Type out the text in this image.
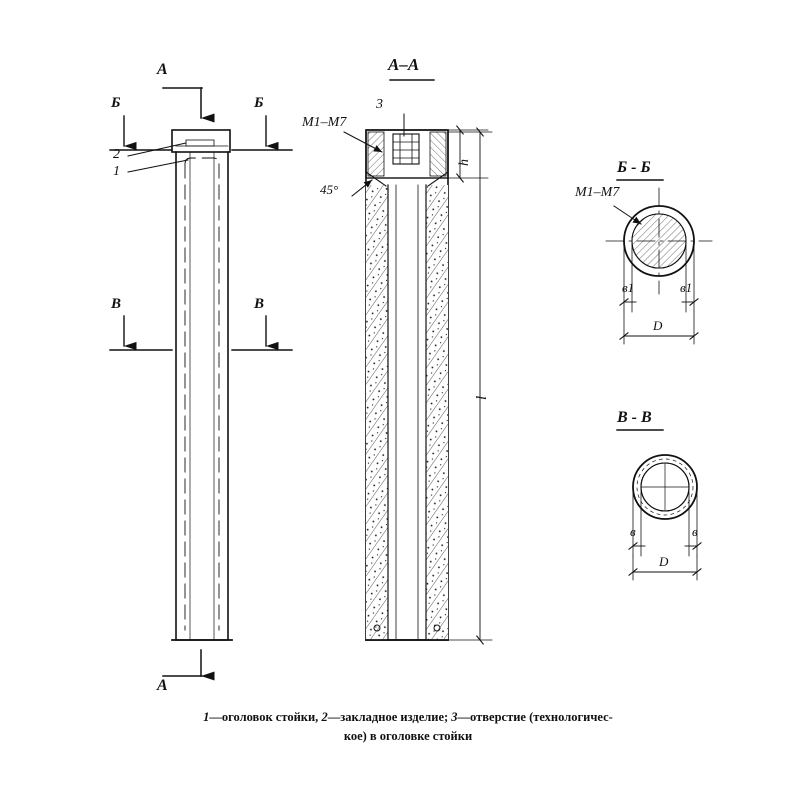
A
A
Б	Б
В	В
2
1
А–А
3
М1–М7
45°
h
l
Б - Б
М1–М7
в1	в1
D
В - В
в	в
D
1—оголовок стойки, 2—закладное изделие; 3—отверстие (технологичес-
кое) в оголовке стойки
